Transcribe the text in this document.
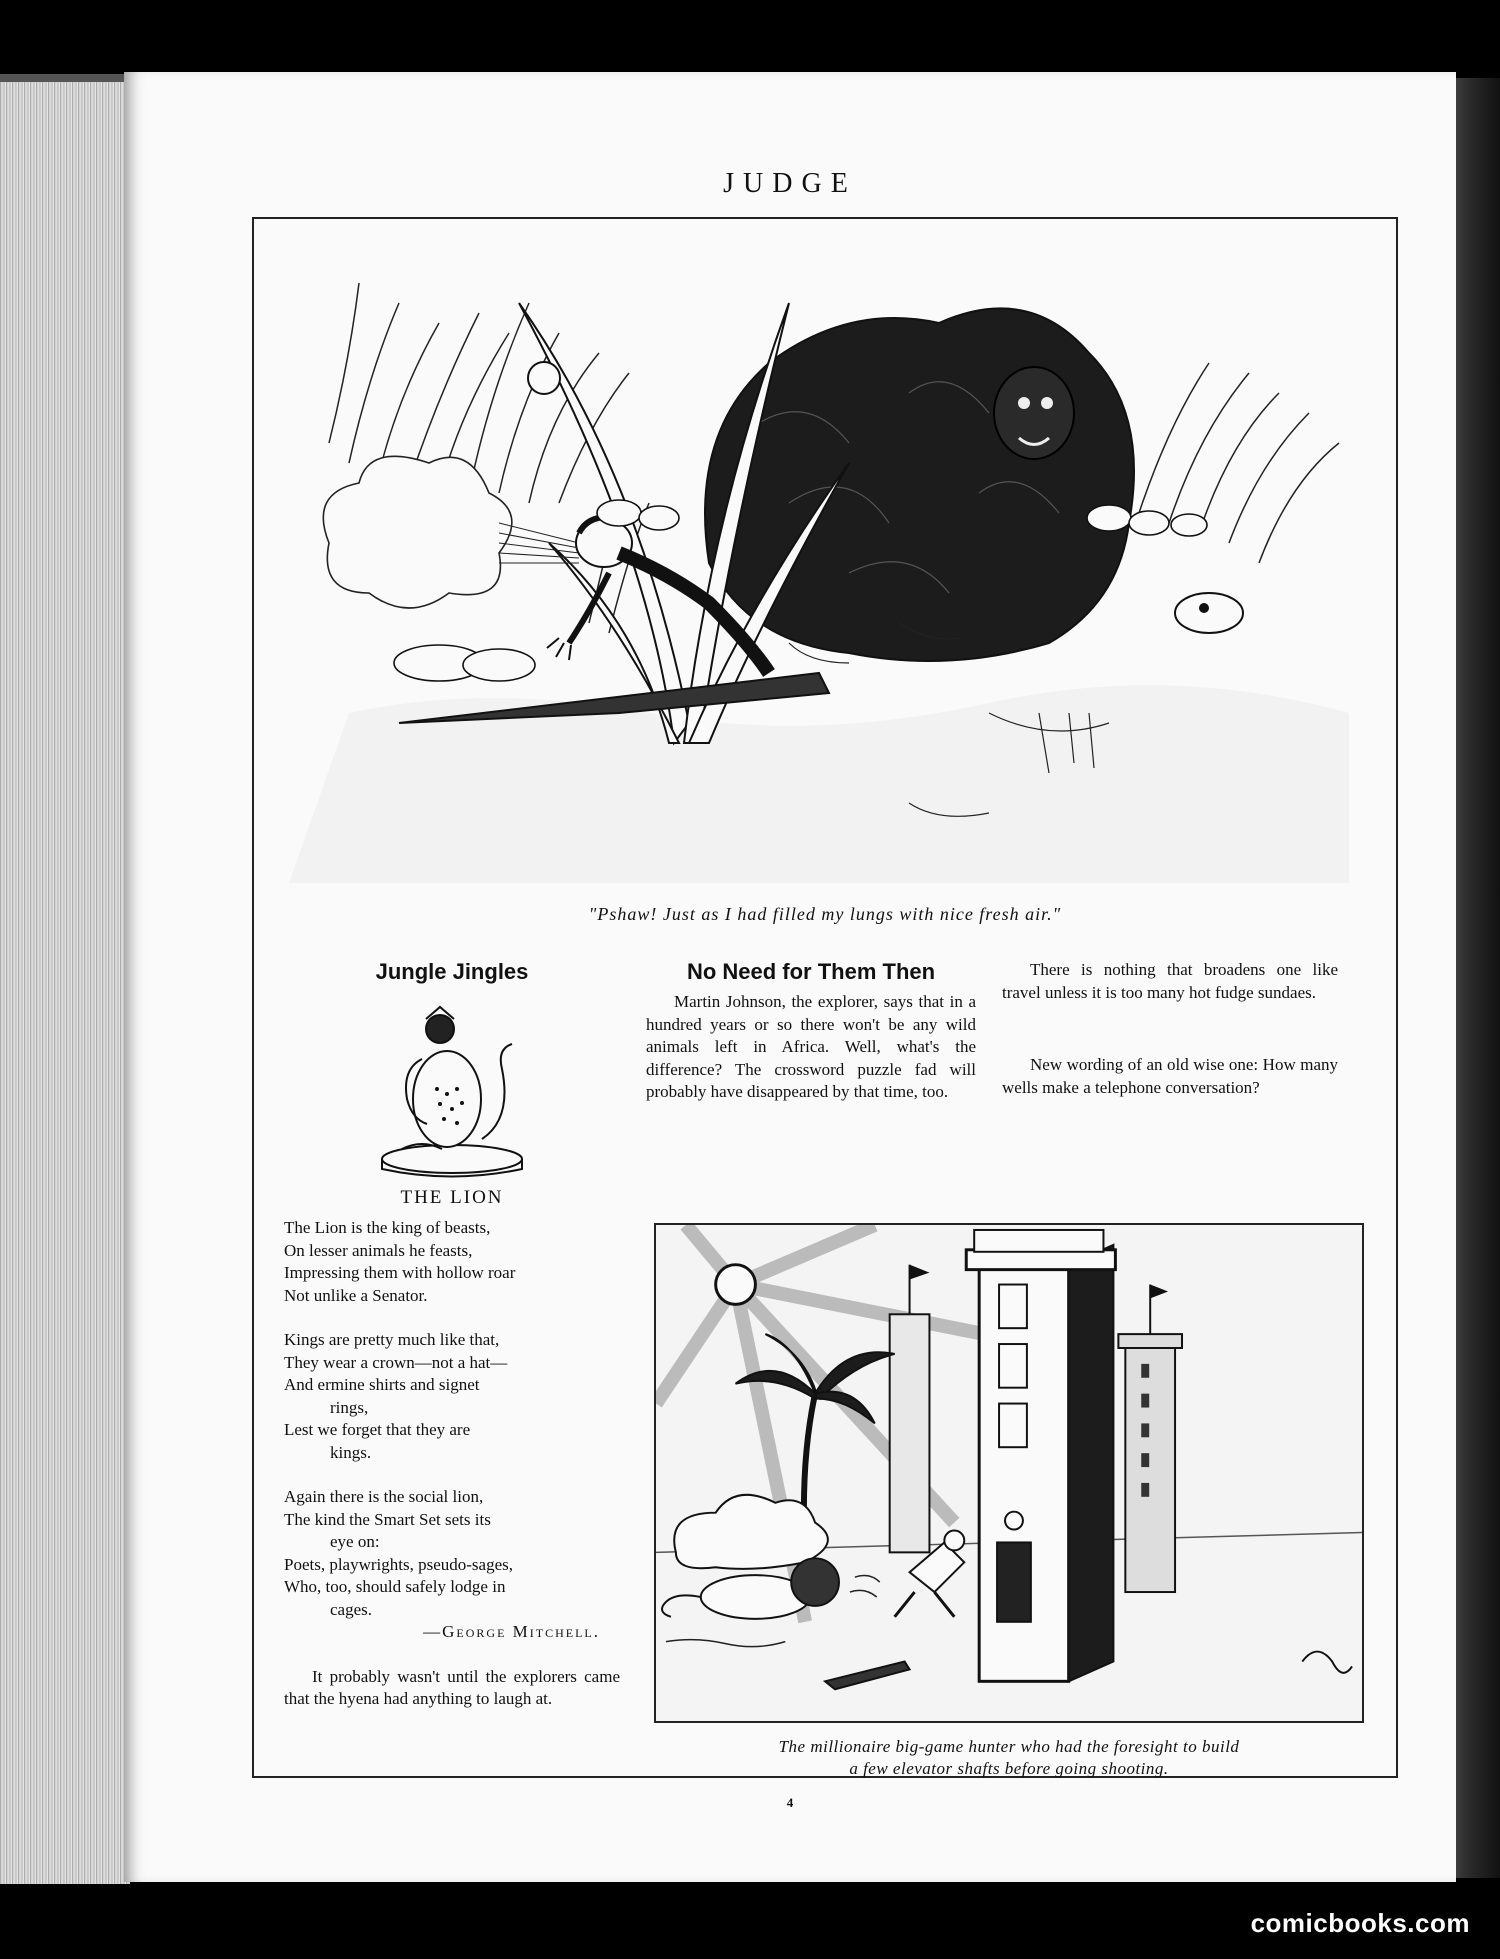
JUDGE
"Pshaw! Just as I had filled my lungs with nice fresh air."
Jungle Jingles
THE LION
The Lion is the king of beasts,
On lesser animals he feasts,
Impressing them with hollow roar
Not unlike a Senator.
Kings are pretty much like that,
They wear a crown—not a hat—
And ermine shirts and signet
rings,
Lest we forget that they are
kings.
Again there is the social lion,
The kind the Smart Set sets its
eye on:
Poets, playwrights, pseudo-sages,
Who, too, should safely lodge in
cages.
—George Mitchell.

It probably wasn't until the explorers came that the hyena had anything to laugh at.

No Need for Them Then

Martin Johnson, the explorer, says that in a hundred years or so there won't be any wild animals left in Africa. Well, what's the difference? The crossword puzzle fad will probably have disappeared by that time, too.

There is nothing that broadens one like travel unless it is too many hot fudge sundaes.

New wording of an old wise one: How many wells make a telephone conversation?

The millionaire big-game hunter who had the foresight to build
a few elevator shafts before going shooting.
4
comicbooks.com
